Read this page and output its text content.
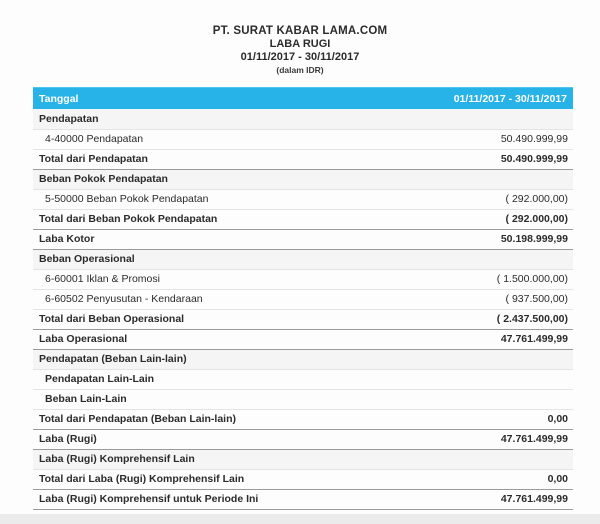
PT. SURAT KABAR LAMA.COM
LABA RUGI
01/11/2017 - 30/11/2017
(dalam IDR)
Tanggal	01/11/2017 - 30/11/2017
Pendapatan	
4-40000 Pendapatan	50.490.999,99
Total dari Pendapatan	50.490.999,99
Beban Pokok Pendapatan	
5-50000 Beban Pokok Pendapatan	( 292.000,00)
Total dari Beban Pokok Pendapatan	( 292.000,00)
Laba Kotor	50.198.999,99
Beban Operasional	
6-60001 Iklan & Promosi	( 1.500.000,00)
6-60502 Penyusutan - Kendaraan	( 937.500,00)
Total dari Beban Operasional	( 2.437.500,00)
Laba Operasional	47.761.499,99
Pendapatan (Beban Lain-lain)	
Pendapatan Lain-Lain	
Beban Lain-Lain	
Total dari Pendapatan (Beban Lain-lain)	0,00
Laba (Rugi)	47.761.499,99
Laba (Rugi) Komprehensif Lain	
Total dari Laba (Rugi) Komprehensif Lain	0,00
Laba (Rugi) Komprehensif untuk Periode Ini	47.761.499,99
